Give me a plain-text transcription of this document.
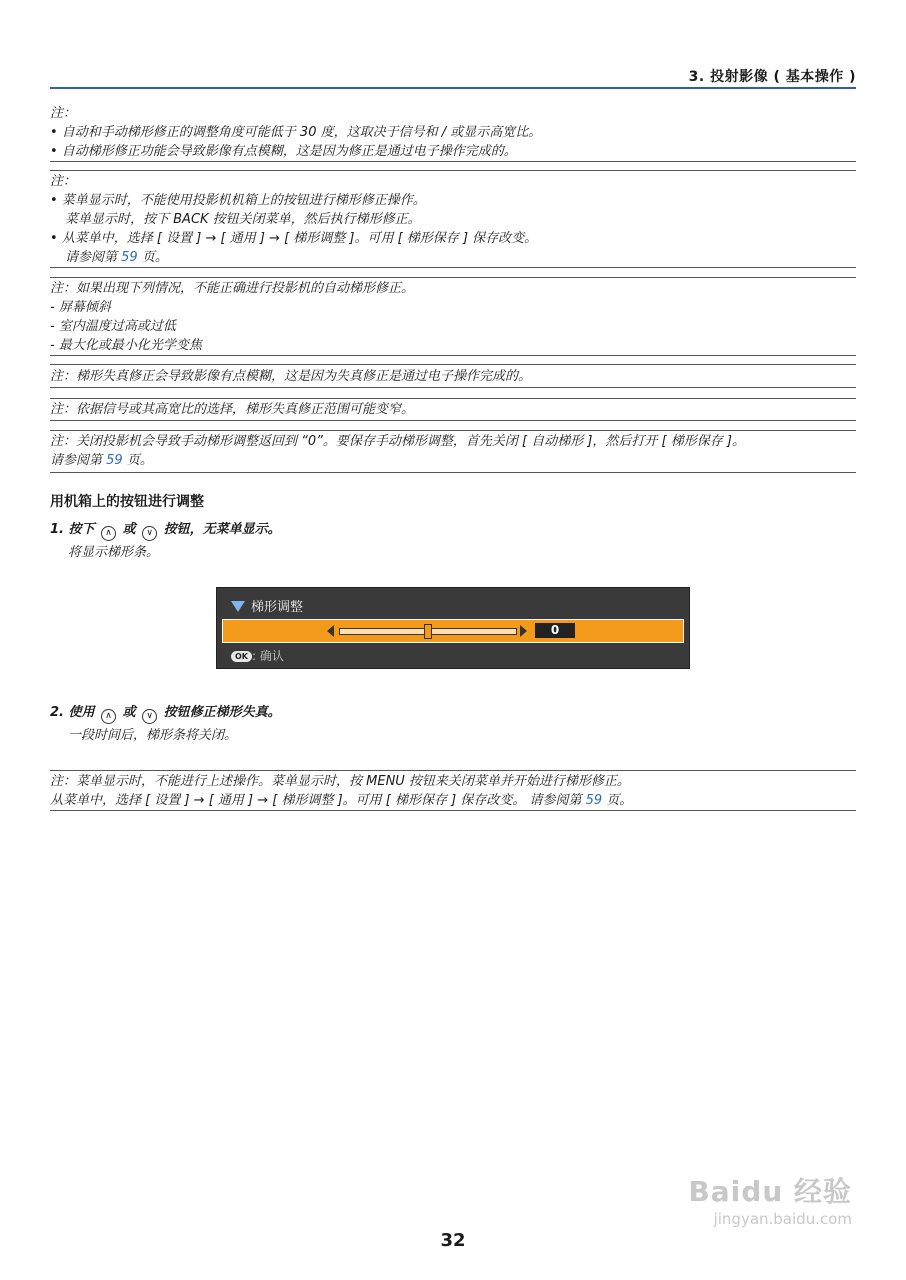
3. 投射影像 ( 基本操作 )
注：
• 自动和手动梯形修正的调整角度可能低于 30 度，这取决于信号和 / 或显示高宽比。
• 自动梯形修正功能会导致影像有点模糊，这是因为修正是通过电子操作完成的。
注：
• 菜单显示时，不能使用投影机机箱上的按钮进行梯形修正操作。
菜单显示时，按下 BACK 按钮关闭菜单，然后执行梯形修正。
• 从菜单中，选择 [ 设置 ] → [ 通用 ] → [ 梯形调整 ]。可用 [ 梯形保存 ] 保存改变。
请参阅第 59 页。
注：如果出现下列情况，不能正确进行投影机的自动梯形修正。
- 屏幕倾斜
- 室内温度过高或过低
- 最大化或最小化光学变焦
注：梯形失真修正会导致影像有点模糊，这是因为失真修正是通过电子操作完成的。
注：依据信号或其高宽比的选择，梯形失真修正范围可能变窄。
注：关闭投影机会导致手动梯形调整返回到 “0”。要保存手动梯形调整，首先关闭 [ 自动梯形 ]，然后打开 [ 梯形保存 ]。
请参阅第 59 页。
用机箱上的按钮进行调整
1. 按下 ∧ 或 ∨ 按钮，无菜单显示。
将显示梯形条。
梯形调整
0
OK : 确认
2. 使用 ∧ 或 ∨ 按钮修正梯形失真。
一段时间后，梯形条将关闭。
注：菜单显示时，不能进行上述操作。菜单显示时，按 MENU 按钮来关闭菜单并开始进行梯形修正。
从菜单中，选择 [ 设置 ] → [ 通用 ] → [ 梯形调整 ]。可用 [ 梯形保存 ] 保存改变。 请参阅第 59 页。
Baidu 经验
jingyan.baidu.com
32
